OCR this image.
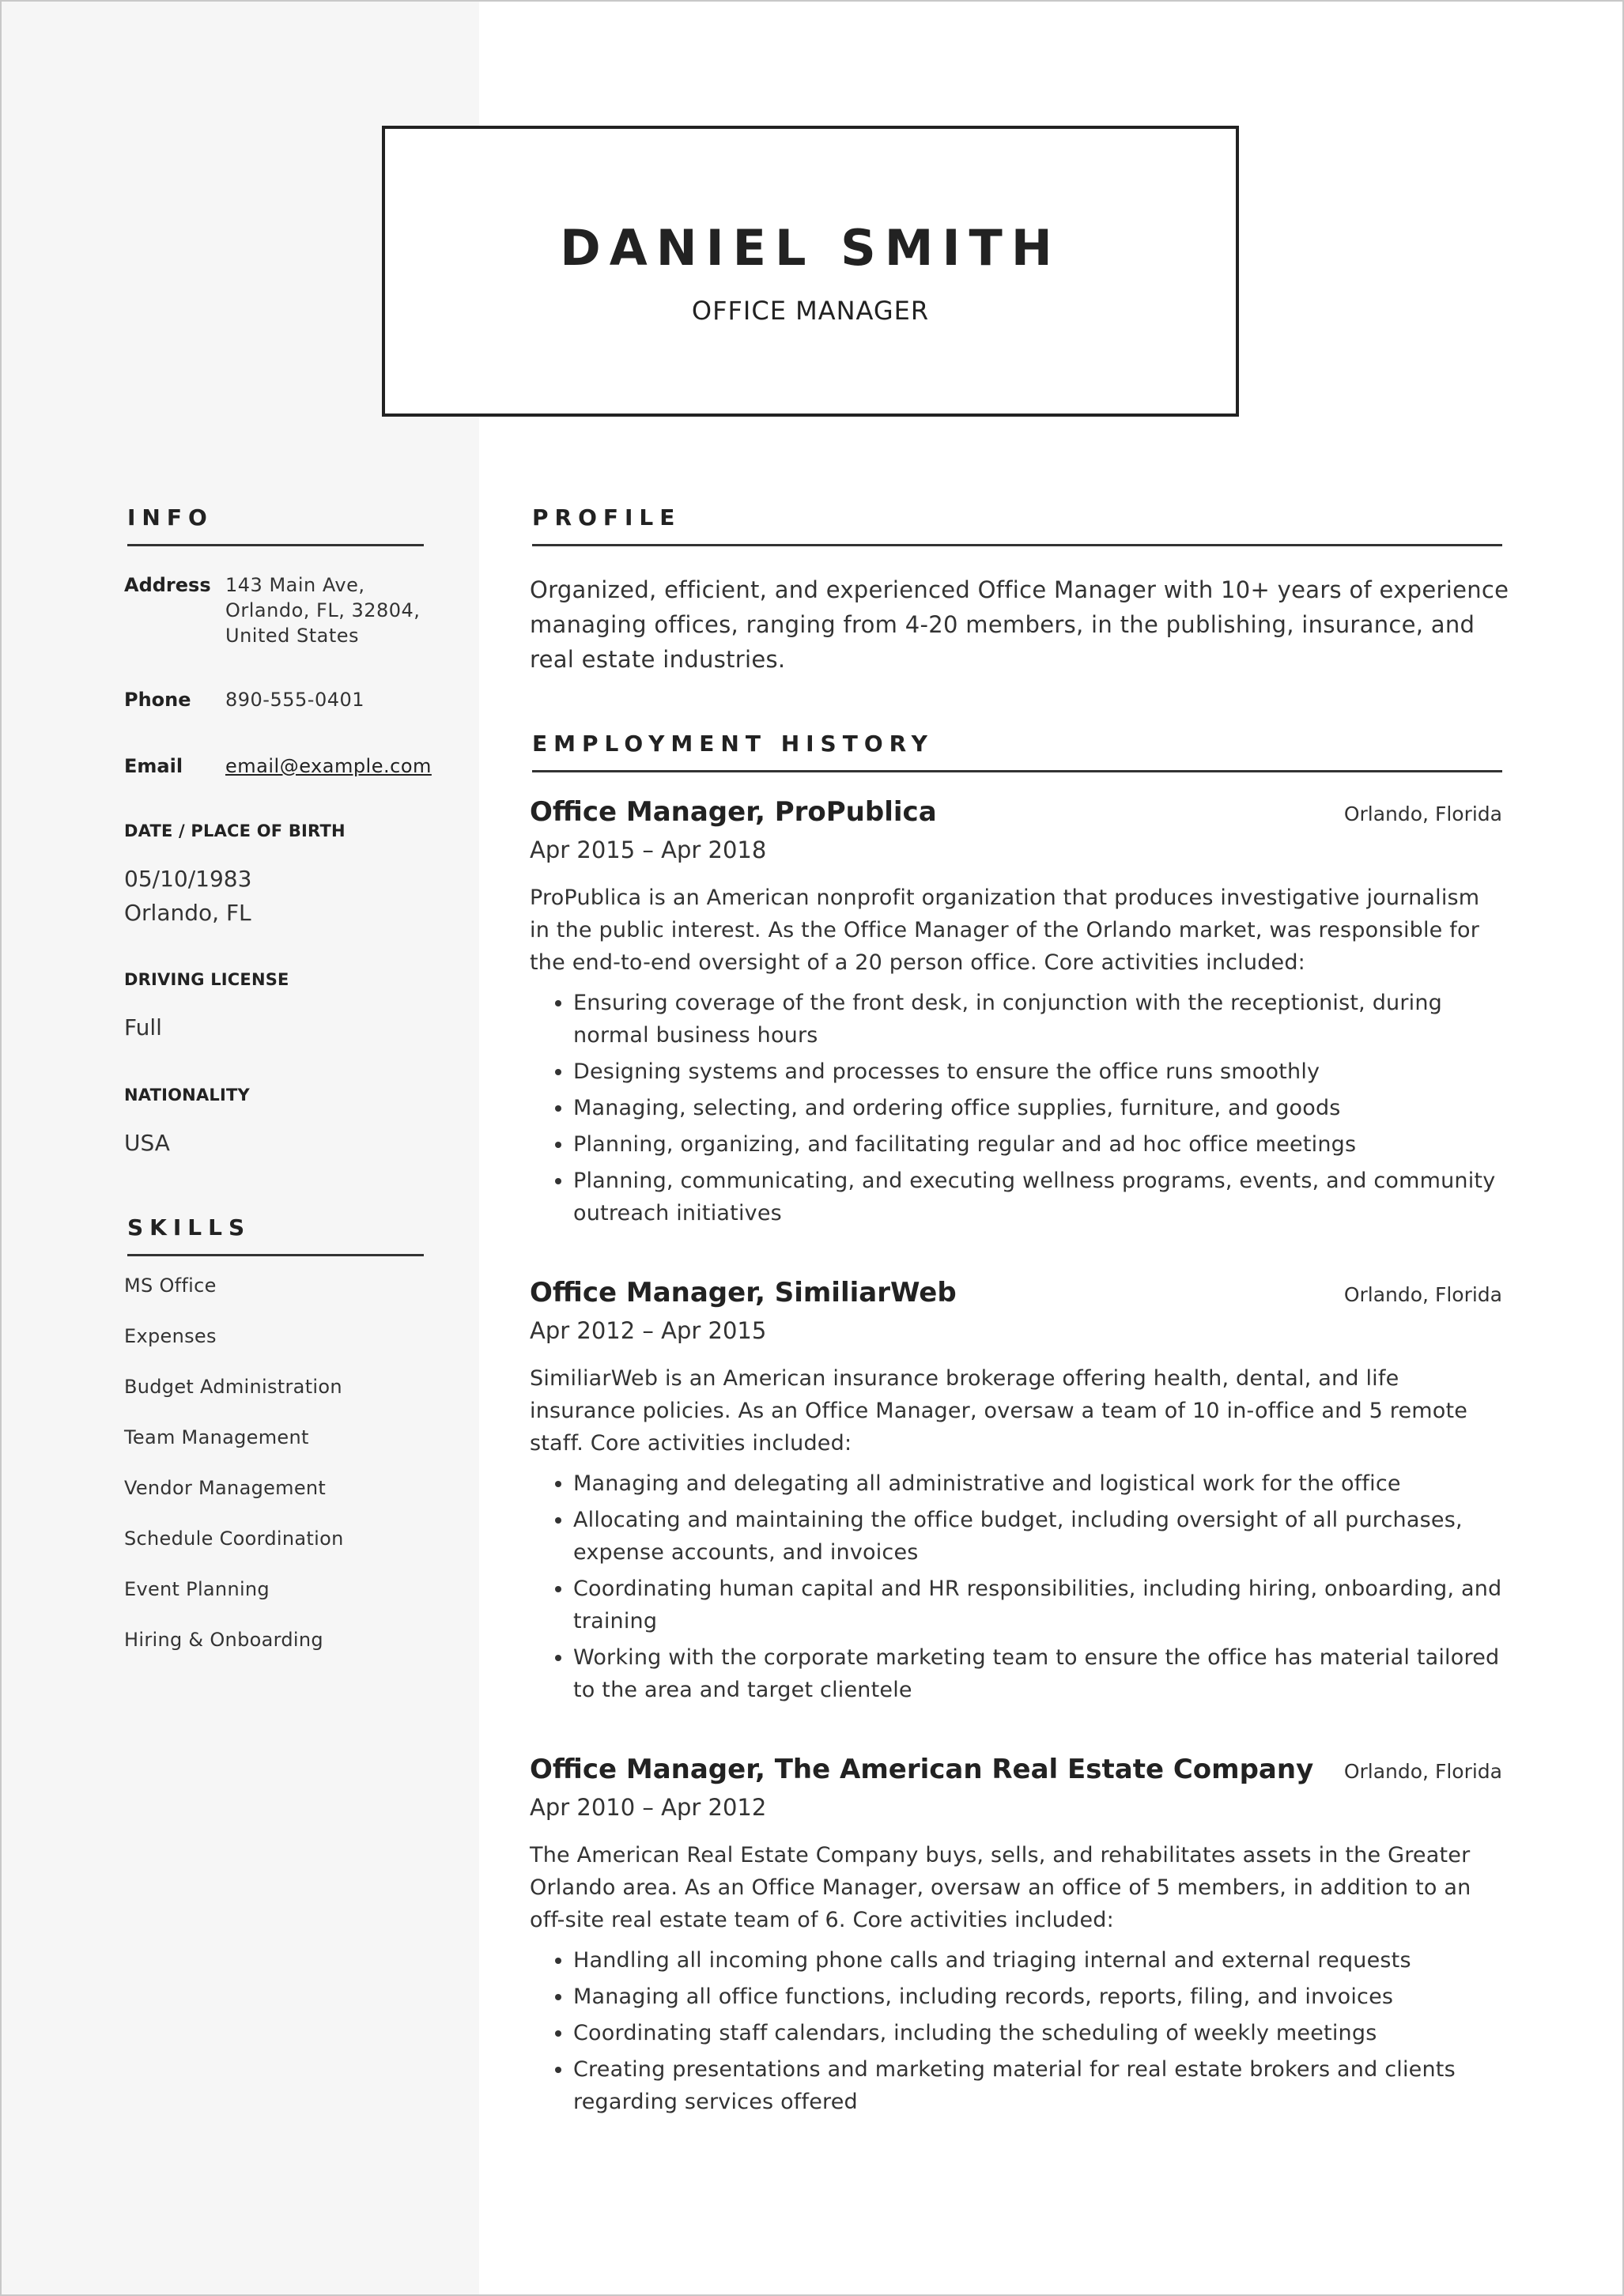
DANIEL SMITH
OFFICE MANAGER
INFO
Address 143 Main Ave,
Orlando, FL, 32804,
United States
Phone 890-555-0401
Email email@example.com
DATE / PLACE OF BIRTH
05/10/1983
Orlando, FL
DRIVING LICENSE
Full
NATIONALITY
USA
SKILLS
MS Office
Expenses
Budget Administration
Team Management
Vendor Management
Schedule Coordination
Event Planning
Hiring & Onboarding
PROFILE

Organized, efficient, and experienced Office Manager with 10+ years of experience managing offices, ranging from 4-20 members, in the publishing, insurance, and real estate industries.

EMPLOYMENT HISTORY
Office Manager, ProPublica	Orlando, Florida
Apr 2015 – Apr 2018

ProPublica is an American nonprofit organization that produces investigative journalism in the public interest. As the Office Manager of the Orlando market, was responsible for the end-to-end oversight of a 20 person office. Core activities included:

• Ensuring coverage of the front desk, in conjunction with the receptionist, during normal business hours
• Designing systems and processes to ensure the office runs smoothly
• Managing, selecting, and ordering office supplies, furniture, and goods
• Planning, organizing, and facilitating regular and ad hoc office meetings
• Planning, communicating, and executing wellness programs, events, and community outreach initiatives
Office Manager, SimiliarWeb	Orlando, Florida
Apr 2012 – Apr 2015

SimiliarWeb is an American insurance brokerage offering health, dental, and life insurance policies. As an Office Manager, oversaw a team of 10 in-office and 5 remote staff. Core activities included:

• Managing and delegating all administrative and logistical work for the office
• Allocating and maintaining the office budget, including oversight of all purchases, expense accounts, and invoices
• Coordinating human capital and HR responsibilities, including hiring, onboarding, and training
• Working with the corporate marketing team to ensure the office has material tailored to the area and target clientele
Office Manager, The American Real Estate Company Orlando, Florida
Apr 2010 – Apr 2012

The American Real Estate Company buys, sells, and rehabilitates assets in the Greater Orlando area. As an Office Manager, oversaw an office of 5 members, in addition to an off-site real estate team of 6. Core activities included:

• Handling all incoming phone calls and triaging internal and external requests
• Managing all office functions, including records, reports, filing, and invoices
• Coordinating staff calendars, including the scheduling of weekly meetings
• Creating presentations and marketing material for real estate brokers and clients regarding services offered
